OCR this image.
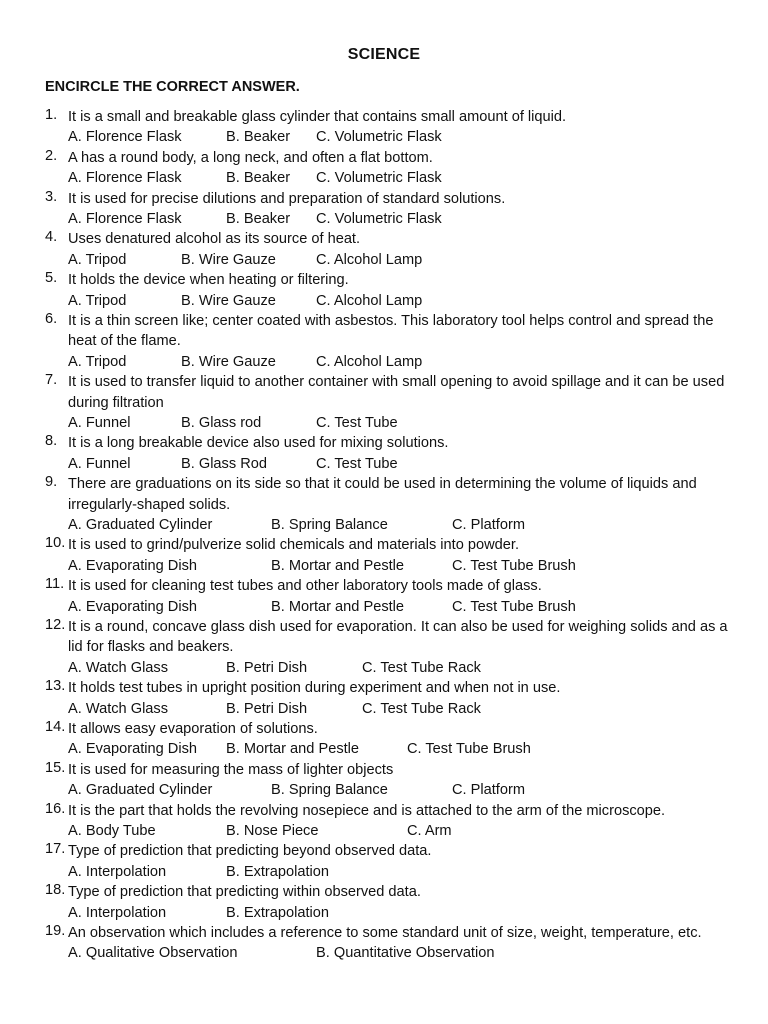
SCIENCE
ENCIRCLE THE CORRECT ANSWER.
1. It is a small and breakable glass cylinder that contains small amount of liquid.
A. Florence Flask	B. Beaker C. Volumetric Flask
2. A has a round body, a long neck, and often a flat bottom.
A. Florence Flask	B. Beaker C. Volumetric Flask
3. It is used for precise dilutions and preparation of standard solutions.
A. Florence Flask	B. Beaker C. Volumetric Flask
4. Uses denatured alcohol as its source of heat.
A. Tripod	B. Wire Gauze	C. Alcohol Lamp
5. It holds the device when heating or filtering.
A. Tripod	B. Wire Gauze	C. Alcohol Lamp
6. It is a thin screen like; center coated with asbestos. This laboratory tool helps control and spread the heat of the flame.
A. Tripod	B. Wire Gauze	C. Alcohol Lamp
7. It is used to transfer liquid to another container with small opening to avoid spillage and it can be used during filtration
A. Funnel	B. Glass rod	C. Test Tube
8. It is a long breakable device also used for mixing solutions.
A. Funnel	B. Glass Rod	C. Test Tube
9. There are graduations on its side so that it could be used in determining the volume of liquids and irregularly-shaped solids.
A. Graduated Cylinder	B. Spring Balance	C. Platform
10. It is used to grind/pulverize solid chemicals and materials into powder.
A. Evaporating Dish	B. Mortar and Pestle	C. Test Tube Brush
11. It is used for cleaning test tubes and other laboratory tools made of glass.
A. Evaporating Dish	B. Mortar and Pestle	C. Test Tube Brush
12. It is a round, concave glass dish used for evaporation. It can also be used for weighing solids and as a lid for flasks and beakers.
A. Watch Glass	B. Petri Dish	C. Test Tube Rack
13. It holds test tubes in upright position during experiment and when not in use.
A. Watch Glass	B. Petri Dish	C. Test Tube Rack
14. It allows easy evaporation of solutions.
A. Evaporating Dish B. Mortar and Pestle	C. Test Tube Brush
15. It is used for measuring the mass of lighter objects
A. Graduated Cylinder	B. Spring Balance	C. Platform
16. It is the part that holds the revolving nosepiece and is attached to the arm of the microscope.
A. Body Tube	B. Nose Piece	C. Arm
17. Type of prediction that predicting beyond observed data.
A. Interpolation	B. Extrapolation
18. Type of prediction that predicting within observed data.
A. Interpolation	B. Extrapolation
19. An observation which includes a reference to some standard unit of size, weight, temperature, etc.
A. Qualitative Observation	B. Quantitative Observation
